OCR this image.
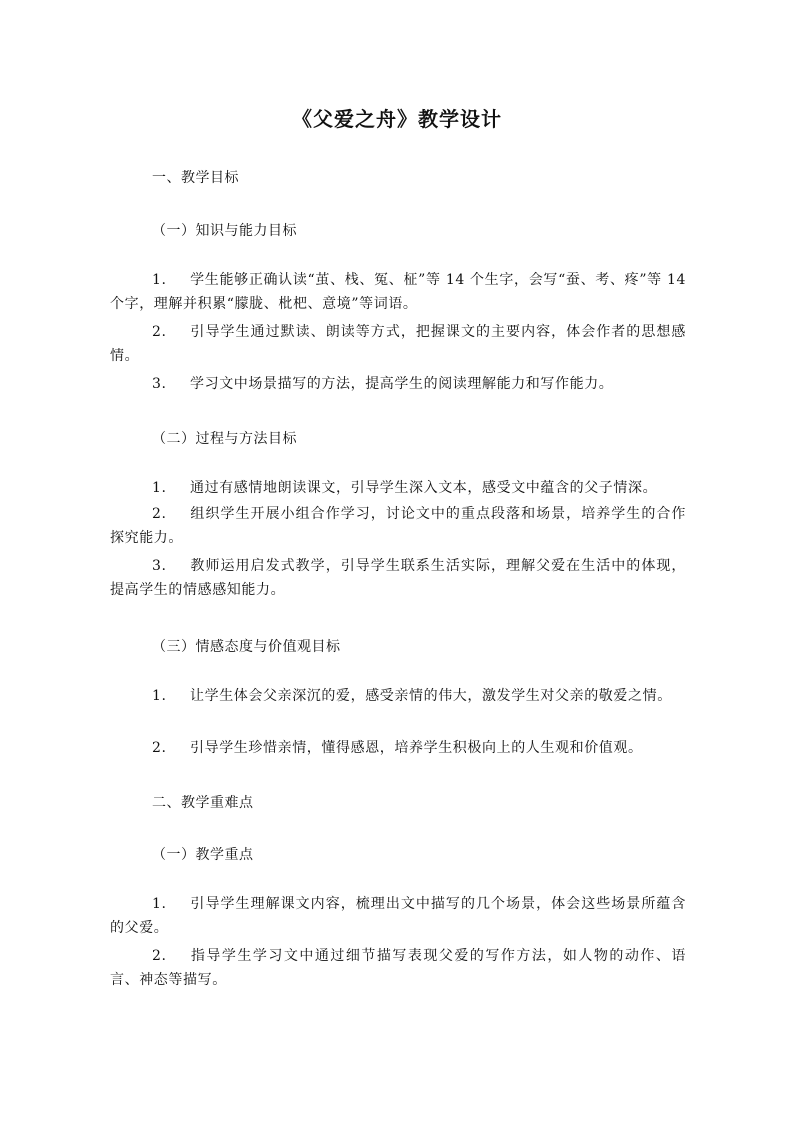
《父爱之舟》教学设计
一、教学目标
（一）知识与能力目标
1. 学生能够正确认读“茧、栈、冤、柾”等 14 个生字，会写“蚕、考、疼”等 14 个字，理解并积累“朦胧、枇杷、意境”等词语。
2. 引导学生通过默读、朗读等方式，把握课文的主要内容，体会作者的思想感情。
3. 学习文中场景描写的方法，提高学生的阅读理解能力和写作能力。
（二）过程与方法目标
1. 通过有感情地朗读课文，引导学生深入文本，感受文中蕴含的父子情深。
2. 组织学生开展小组合作学习，讨论文中的重点段落和场景，培养学生的合作探究能力。
3. 教师运用启发式教学，引导学生联系生活实际，理解父爱在生活中的体现，提高学生的情感感知能力。
（三）情感态度与价值观目标
1. 让学生体会父亲深沉的爱，感受亲情的伟大，激发学生对父亲的敬爱之情。
2. 引导学生珍惜亲情，懂得感恩，培养学生积极向上的人生观和价值观。
二、教学重难点
（一）教学重点
1. 引导学生理解课文内容，梳理出文中描写的几个场景，体会这些场景所蕴含的父爱。
2. 指导学生学习文中通过细节描写表现父爱的写作方法，如人物的动作、语言、神态等描写。
